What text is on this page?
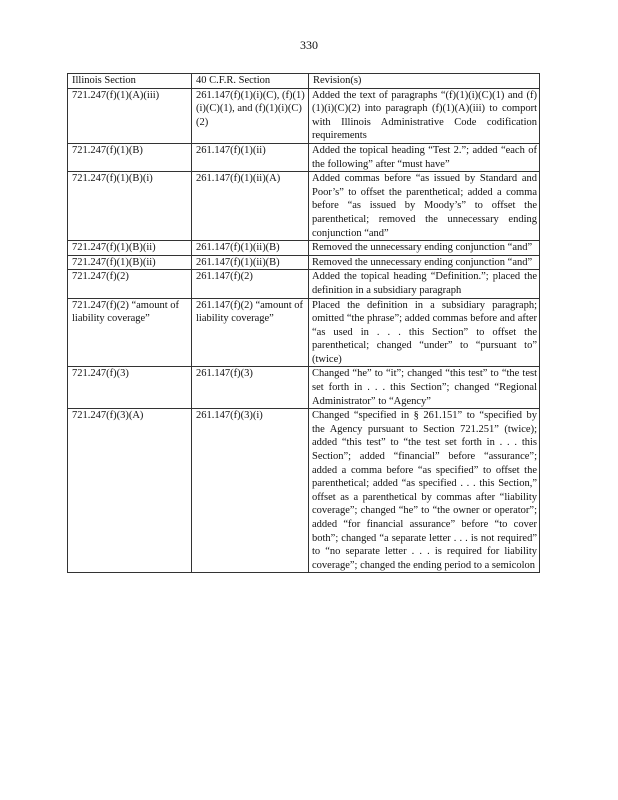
330
Illinois Section	40 C.F.R. Section	Revision(s)
721.247(f)(1)(A)(iii)	261.147(f)(1)(i)(C), (f)(1)(i)(C)(1), and (f)(1)(i)(C)(2)	Added the text of paragraphs “(f)(1)(i)(C)(1) and (f)(1)(i)(C)(2) into paragraph (f)(1)(A)(iii) to comport with Illinois Administrative Code codification requirements
721.247(f)(1)(B)	261.147(f)(1)(ii)	Added the topical heading “Test 2.”; added “each of the following” after “must have”
721.247(f)(1)(B)(i)	261.147(f)(1)(ii)(A)	Added commas before “as issued by Standard and Poor’s” to offset the parenthetical; added a comma before “as issued by Moody’s” to offset the parenthetical; removed the unnecessary ending conjunction “and”
721.247(f)(1)(B)(ii)	261.147(f)(1)(ii)(B)	Removed the unnecessary ending conjunction “and”
721.247(f)(1)(B)(ii)	261.147(f)(1)(ii)(B)	Removed the unnecessary ending conjunction “and”
721.247(f)(2)	261.147(f)(2)	Added the topical heading “Definition.”; placed the definition in a subsidiary paragraph
721.247(f)(2) “amount of liability coverage”	261.147(f)(2) “amount of liability coverage”	Placed the definition in a subsidiary paragraph; omitted “the phrase”; added commas before and after “as used in . . . this Section” to offset the parenthetical; changed “under” to “pursuant to” (twice)
721.247(f)(3)	261.147(f)(3)	Changed “he” to “it”; changed “this test” to “the test set forth in . . . this Section”; changed “Regional Administrator” to “Agency”
721.247(f)(3)(A)	261.147(f)(3)(i)	Changed “specified in § 261.151” to “specified by the Agency pursuant to Section 721.251” (twice); added “this test” to “the test set forth in . . . this Section”; added “financial” before “assurance”; added a comma before “as specified” to offset the parenthetical; added “as specified . . . this Section,” offset as a parenthetical by commas after “liability coverage”; changed “he” to “the owner or operator”; added “for financial assurance” before “to cover both”; changed “a separate letter . . . is not required” to “no separate letter . . . is required for liability coverage”; changed the ending period to a semicolon
